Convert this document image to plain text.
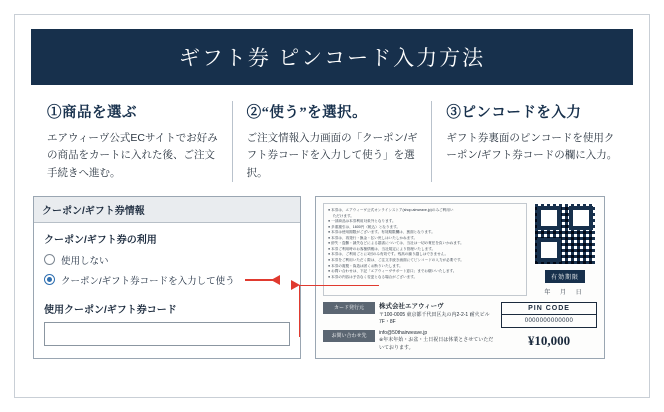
ギフト券 ピンコード入力方法
①商品を選ぶ

エアウィーヴ公式ECサイトでお好みの商品をカートに入れた後、ご注文手続きへ進む。

②“使う”を選択。

ご注文情報入力画面の「クーポン/ギフト券コードを入力して使う」を選択。

③ピンコードを入力

ギフト券裏面のピンコードを使用クーポン/ギフト券コードの欄に入力。

クーポン/ギフト券情報
クーポン/ギフト券の利用
使用しない
クーポン/ギフト券コードを入力して使う
使用クーポン/ギフト券コード
● 本券は、エアウィーヴ公式オンラインストア(shop.airweave.jp)のみご利用い
　 ただけます。
● 一部商品は本券利用対象外となります。
● 多重割引は、1600円（税込）となります。
● 本券は使用期限がございます。有効期限欄は、裏面となります。
● 本券は、再発行・換金・払い戻しはいたしかねます。
● 紛失・盗難・滅失などによる損害については、当社は一切の責任を負いかねます。
● 本券ご利用時のお客様情報は、当社規定により管理いたします。
● 本券は、ご利用ごとに1回のみ有効です。残高の繰り越しはできません。
● 本券をご利用いただく際は、ご注文手続き画面にてピンコードの入力が必要です。
● 本券の複製・偽造は固くお断りいたします。
● お問い合わせは、下記「エアウィーヴサポート窓口」までお願いいたします。
● 本券の内容は予告なく変更となる場合がございます。	有効期限
年 月 日
カード発行元	株式会社エアウィーヴ
〒100-0005 東京都千代田区丸の内2-2-1 耐火ビル7F・8F
お問い合わせ先	info@50thairweave.jp
※年末年始・お盆・土日祝日は休業とさせていただいております。
PIN CODE
0000000000000
¥10,000
